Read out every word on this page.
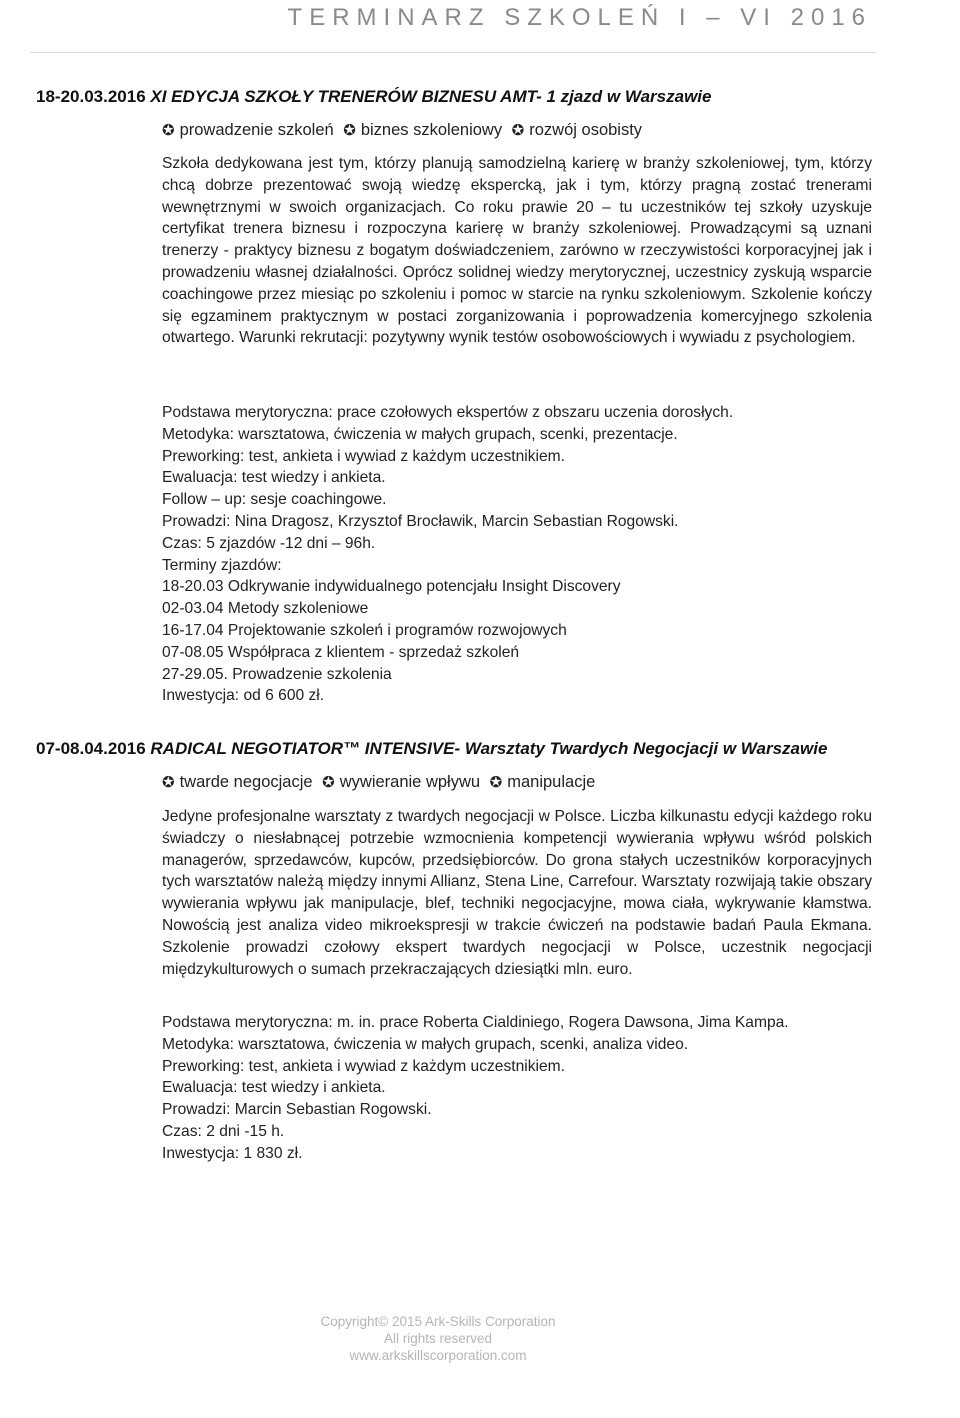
TERMINARZ SZKOLEŃ I – VI 2016
18-20.03.2016 XI EDYCJA SZKOŁY TRENERÓW BIZNESU AMT- 1 zjazd w Warszawie
✪ prowadzenie szkoleń ✪ biznes szkoleniowy ✪ rozwój osobisty

Szkoła dedykowana jest tym, którzy planują samodzielną karierę w branży szkoleniowej, tym, którzy chcą dobrze prezentować swoją wiedzę ekspercką, jak i tym, którzy pragną zostać trenerami wewnętrznymi w swoich organizacjach. Co roku prawie 20 – tu uczestników tej szkoły uzyskuje certyfikat trenera biznesu i rozpoczyna karierę w branży szkoleniowej. Prowadzącymi są uznani trenerzy - praktycy biznesu z bogatym doświadczeniem, zarówno w rzeczywistości korporacyjnej jak i prowadzeniu własnej działalności. Oprócz solidnej wiedzy merytorycznej, uczestnicy zyskują wsparcie coachingowe przez miesiąc po szkoleniu i pomoc w starcie na rynku szkoleniowym. Szkolenie kończy się egzaminem praktycznym w postaci zorganizowania i poprowadzenia komercyjnego szkolenia otwartego. Warunki rekrutacji: pozytywny wynik testów osobowościowych i wywiadu z psychologiem.

Podstawa merytoryczna: prace czołowych ekspertów z obszaru uczenia dorosłych.
Metodyka: warsztatowa, ćwiczenia w małych grupach, scenki, prezentacje.
Preworking: test, ankieta i wywiad z każdym uczestnikiem.
Ewaluacja: test wiedzy i ankieta.
Follow – up: sesje coachingowe.
Prowadzi: Nina Dragosz, Krzysztof Brocławik, Marcin Sebastian Rogowski.
Czas: 5 zjazdów -12 dni – 96h.
Terminy zjazdów:
18-20.03 Odkrywanie indywidualnego potencjału Insight Discovery
02-03.04 Metody szkoleniowe
16-17.04 Projektowanie szkoleń i programów rozwojowych
07-08.05 Współpraca z klientem - sprzedaż szkoleń
27-29.05. Prowadzenie szkolenia
Inwestycja: od 6 600 zł.
07-08.04.2016 RADICAL NEGOTIATOR™ INTENSIVE- Warsztaty Twardych Negocjacji w Warszawie
✪ twarde negocjacje ✪ wywieranie wpływu ✪ manipulacje

Jedyne profesjonalne warsztaty z twardych negocjacji w Polsce. Liczba kilkunastu edycji każdego roku świadczy o niesłabnącej potrzebie wzmocnienia kompetencji wywierania wpływu wśród polskich managerów, sprzedawców, kupców, przedsiębiorców. Do grona stałych uczestników korporacyjnych tych warsztatów należą między innymi Allianz, Stena Line, Carrefour. Warsztaty rozwijają takie obszary wywierania wpływu jak manipulacje, blef, techniki negocjacyjne, mowa ciała, wykrywanie kłamstwa. Nowością jest analiza video mikroekspresji w trakcie ćwiczeń na podstawie badań Paula Ekmana. Szkolenie prowadzi czołowy ekspert twardych negocjacji w Polsce, uczestnik negocjacji międzykulturowych o sumach przekraczających dziesiątki mln. euro.

Podstawa merytoryczna: m. in. prace Roberta Cialdiniego, Rogera Dawsona, Jima Kampa.
Metodyka: warsztatowa, ćwiczenia w małych grupach, scenki, analiza video.
Preworking: test, ankieta i wywiad z każdym uczestnikiem.
Ewaluacja: test wiedzy i ankieta.
Prowadzi: Marcin Sebastian Rogowski.
Czas: 2 dni -15 h.
Inwestycja: 1 830 zł.
Copyright© 2015 Ark-Skills Corporation
All rights reserved
www.arkskillscorporation.com
